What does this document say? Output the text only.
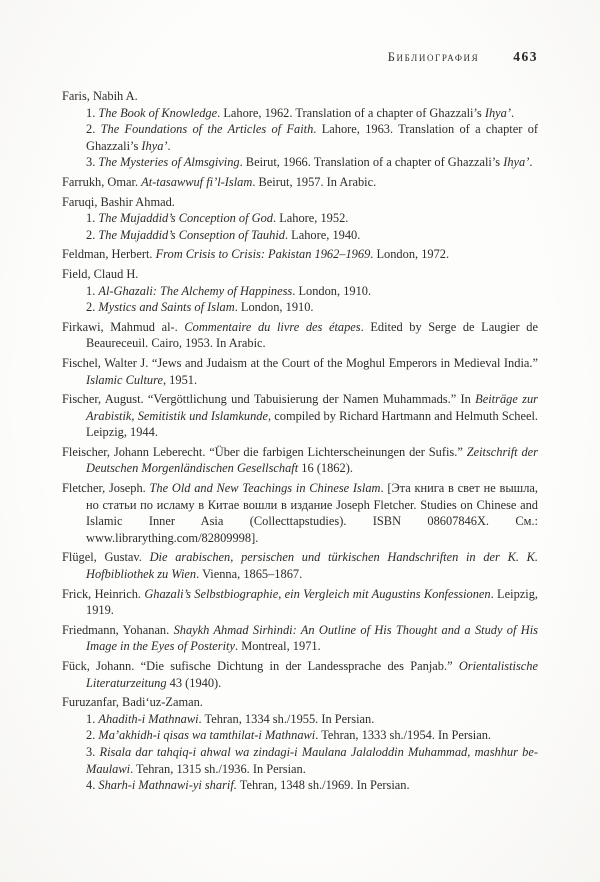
Библиография	463

Faris, Nabih A.

1. The Book of Knowledge. Lahore, 1962. Translation of a chapter of Ghazzali’s Ihya’.

2. The Foundations of the Articles of Faith. Lahore, 1963. Translation of a chapter of Ghazzali’s Ihya’.

3. The Mysteries of Almsgiving. Beirut, 1966. Translation of a chapter of Ghazzali’s Ihya’.

Farrukh, Omar. At-tasawwuf fi’l-Islam. Beirut, 1957. In Arabic.

Faruqi, Bashir Ahmad.

1. The Mujaddid’s Conception of God. Lahore, 1952.

2. The Mujaddid’s Conseption of Tauhid. Lahore, 1940.

Feldman, Herbert. From Crisis to Crisis: Pakistan 1962–1969. London, 1972.

Field, Claud H.

1. Al-Ghazali: The Alchemy of Happiness. London, 1910.

2. Mystics and Saints of Islam. London, 1910.

Firkawi, Mahmud al-. Commentaire du livre des étapes. Edited by Serge de Laugier de Beaureceuil. Cairo, 1953. In Arabic.

Fischel, Walter J. “Jews and Judaism at the Court of the Moghul Emperors in Medieval India.” Islamic Culture, 1951.

Fischer, August. “Vergöttlichung und Tabuisierung der Namen Muhammads.” In Beiträge zur Arabistik, Semitistik und Islamkunde, compiled by Richard Hartmann and Helmuth Scheel. Leipzig, 1944.

Fleischer, Johann Leberecht. “Über die farbigen Lichterscheinungen der Sufis.” Zeitschrift der Deutschen Morgenländischen Gesellschaft 16 (1862).

Fletcher, Joseph. The Old and New Teachings in Chinese Islam. [Эта книга в свет не вышла, но статьи по исламу в Китае вошли в издание Joseph Fletcher. Studies on Chinese and Islamic Inner Asia (Collecttapstudies). ISBN 08607846X. См.: www.librarything.com/82809998].

Flügel, Gustav. Die arabischen, persischen und türkischen Handschriften in der K. K. Hofbibliothek zu Wien. Vienna, 1865–1867.

Frick, Heinrich. Ghazali’s Selbstbiographie, ein Vergleich mit Augustins Konfessionen. Leipzig, 1919.

Friedmann, Yohanan. Shaykh Ahmad Sirhindi: An Outline of His Thought and a Study of His Image in the Eyes of Posterity. Montreal, 1971.

Fück, Johann. “Die sufische Dichtung in der Landessprache des Panjab.” Orientalistische Literaturzeitung 43 (1940).

Furuzanfar, Badi‘uz-Zaman.

1. Ahadith-i Mathnawi. Tehran, 1334 sh./1955. In Persian.

2. Ma’akhidh-i qisas wa tamthilat-i Mathnawi. Tehran, 1333 sh./1954. In Persian.

3. Risala dar tahqiq-i ahwal wa zindagi-i Maulana Jalaloddin Muhammad, mashhur be-Maulawi. Tehran, 1315 sh./1936. In Persian.

4. Sharh-i Mathnawi-yi sharif. Tehran, 1348 sh./1969. In Persian.
